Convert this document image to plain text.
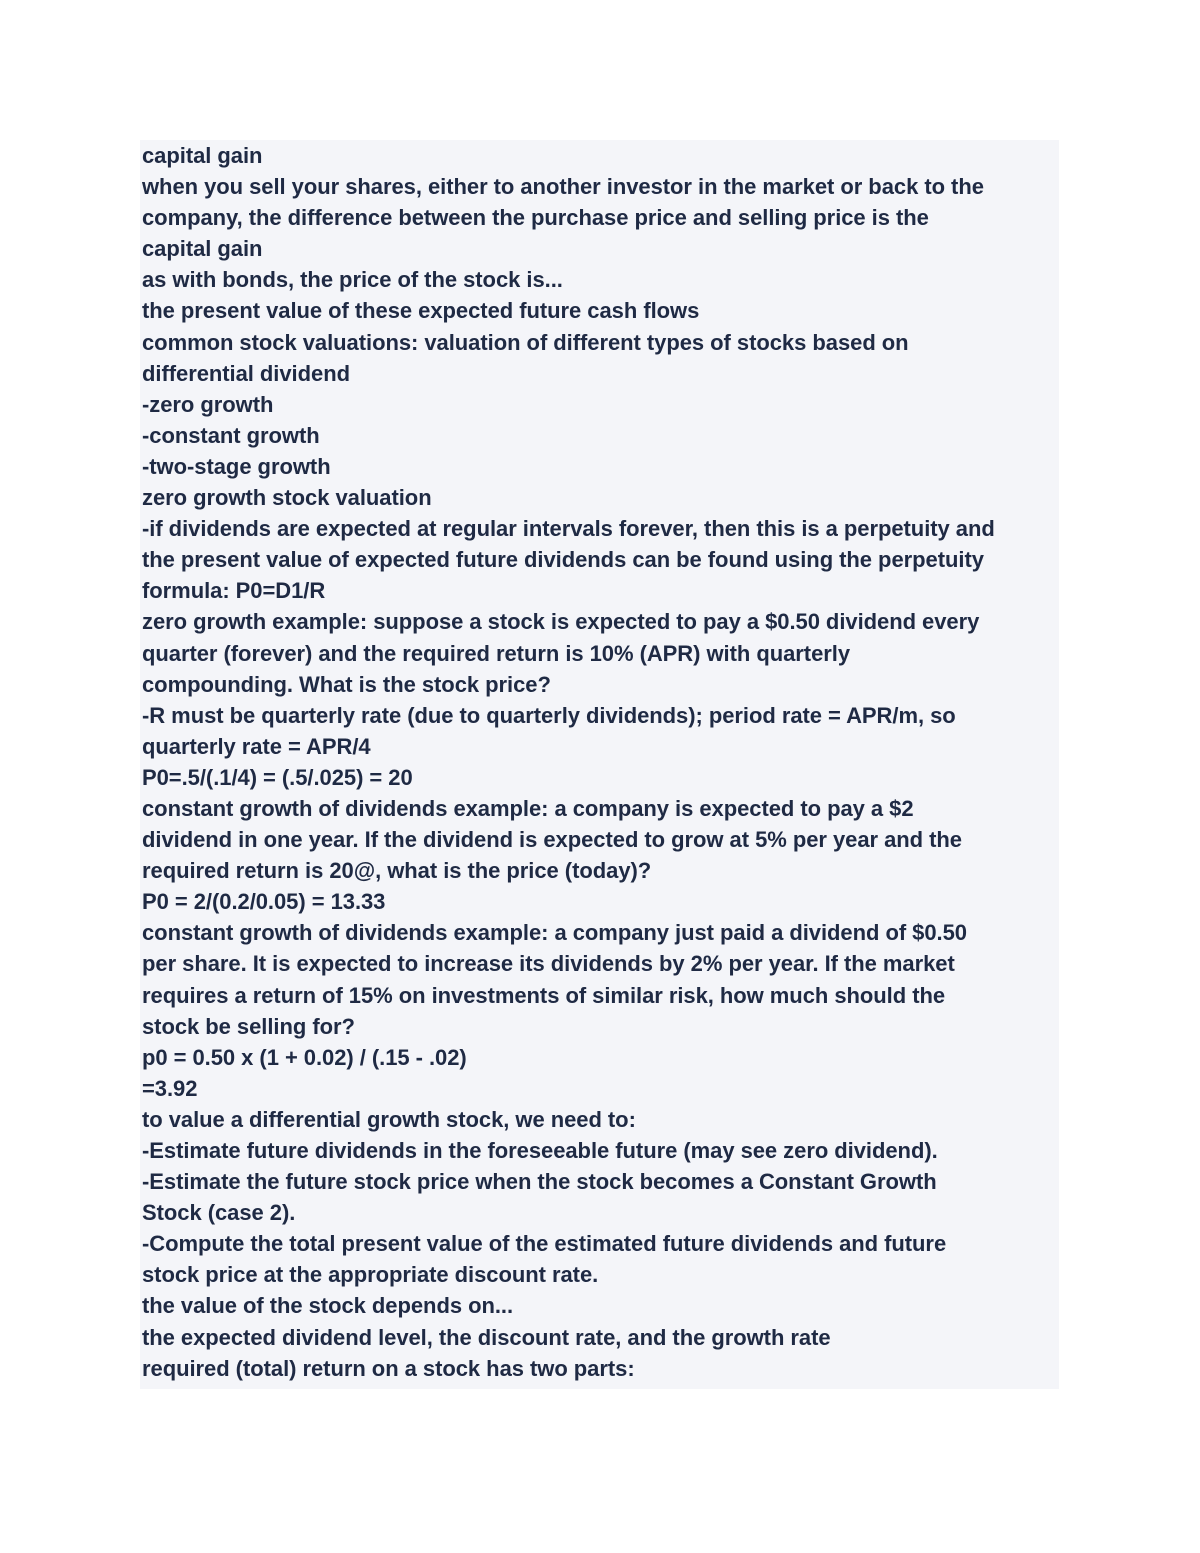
capital gain
when you sell your shares, either to another investor in the market or back to the
company, the difference between the purchase price and selling price is the
capital gain
as with bonds, the price of the stock is...
the present value of these expected future cash flows
common stock valuations: valuation of different types of stocks based on
differential dividend
-zero growth
-constant growth
-two-stage growth
zero growth stock valuation
-if dividends are expected at regular intervals forever, then this is a perpetuity and
the present value of expected future dividends can be found using the perpetuity
formula: P0=D1/R
zero growth example: suppose a stock is expected to pay a $0.50 dividend every
quarter (forever) and the required return is 10% (APR) with quarterly
compounding. What is the stock price?
-R must be quarterly rate (due to quarterly dividends); period rate = APR/m, so
quarterly rate = APR/4
P0=.5/(.1/4) = (.5/.025) = 20
constant growth of dividends example: a company is expected to pay a $2
dividend in one year. If the dividend is expected to grow at 5% per year and the
required return is 20@, what is the price (today)?
P0 = 2/(0.2/0.05) = 13.33
constant growth of dividends example: a company just paid a dividend of $0.50
per share. It is expected to increase its dividends by 2% per year. If the market
requires a return of 15% on investments of similar risk, how much should the
stock be selling for?
p0 = 0.50 x (1 + 0.02) / (.15 - .02)
=3.92
to value a differential growth stock, we need to:
-Estimate future dividends in the foreseeable future (may see zero dividend).
-Estimate the future stock price when the stock becomes a Constant Growth
Stock (case 2).
-Compute the total present value of the estimated future dividends and future
stock price at the appropriate discount rate.
the value of the stock depends on...
the expected dividend level, the discount rate, and the growth rate
required (total) return on a stock has two parts:
